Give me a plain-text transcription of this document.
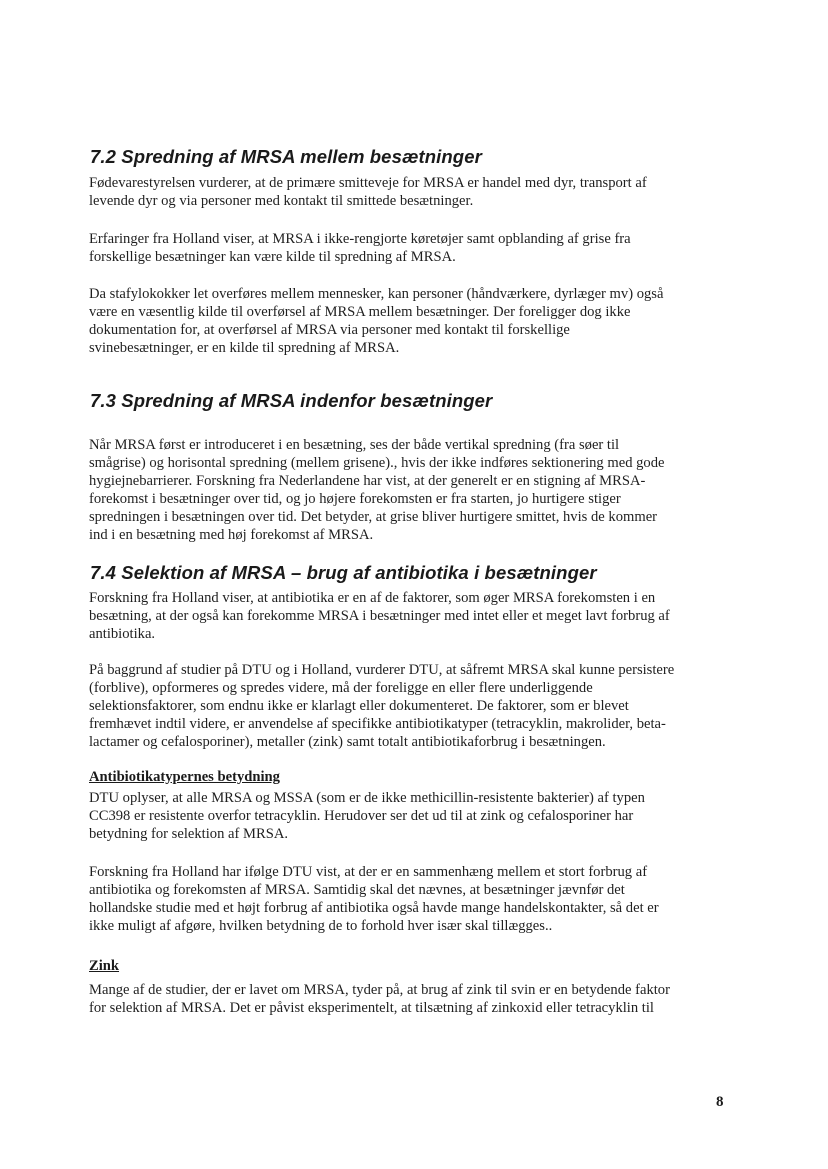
7.2 Spredning af MRSA mellem besætninger

Fødevarestyrelsen vurderer, at de primære smitteveje for MRSA er handel med dyr, transport af
levende dyr og via personer med kontakt til smittede besætninger.

Erfaringer fra Holland viser, at MRSA i ikke-rengjorte køretøjer samt opblanding af grise fra
forskellige besætninger kan være kilde til spredning af MRSA.

Da stafylokokker let overføres mellem mennesker, kan personer (håndværkere, dyrlæger mv) også
være en væsentlig kilde til overførsel af MRSA mellem besætninger. Der foreligger dog ikke
dokumentation for, at overførsel af MRSA via personer med kontakt til forskellige
svinebesætninger, er en kilde til spredning af MRSA.

7.3 Spredning af MRSA indenfor besætninger

Når MRSA først er introduceret i en besætning, ses der både vertikal spredning (fra søer til
smågrise) og horisontal spredning (mellem grisene)., hvis der ikke indføres sektionering med gode
hygiejnebarrierer. Forskning fra Nederlandene har vist, at der generelt er en stigning af MRSA-
forekomst i besætninger over tid, og jo højere forekomsten er fra starten, jo hurtigere stiger
spredningen i besætningen over tid. Det betyder, at grise bliver hurtigere smittet, hvis de kommer
ind i en besætning med høj forekomst af MRSA.

7.4 Selektion af MRSA – brug af antibiotika i besætninger

Forskning fra Holland viser, at antibiotika er en af de faktorer, som øger MRSA forekomsten i en
besætning, at der også kan forekomme MRSA i besætninger med intet eller et meget lavt forbrug af
antibiotika.

På baggrund af studier på DTU og i Holland, vurderer DTU, at såfremt MRSA skal kunne persistere
(forblive), opformeres og spredes videre, må der foreligge en eller flere underliggende
selektionsfaktorer, som endnu ikke er klarlagt eller dokumenteret. De faktorer, som er blevet
fremhævet indtil videre, er anvendelse af specifikke antibiotikatyper (tetracyklin, makrolider, beta-
lactamer og cefalosporiner), metaller (zink) samt totalt antibiotikaforbrug i besætningen.

Antibiotikatypernes betydning

DTU oplyser, at alle MRSA og MSSA (som er de ikke methicillin-resistente bakterier) af typen
CC398 er resistente overfor tetracyklin. Herudover ser det ud til at zink og cefalosporiner har
betydning for selektion af MRSA.

Forskning fra Holland har ifølge DTU vist, at der er en sammenhæng mellem et stort forbrug af
antibiotika og forekomsten af MRSA. Samtidig skal det nævnes, at besætninger jævnfør det
hollandske studie med et højt forbrug af antibiotika også havde mange handelskontakter, så det er
ikke muligt af afgøre, hvilken betydning de to forhold hver især skal tillægges..

Zink

Mange af de studier, der er lavet om MRSA, tyder på, at brug af zink til svin er en betydende faktor
for selektion af MRSA. Det er påvist eksperimentelt, at tilsætning af zinkoxid eller tetracyklin til

8
